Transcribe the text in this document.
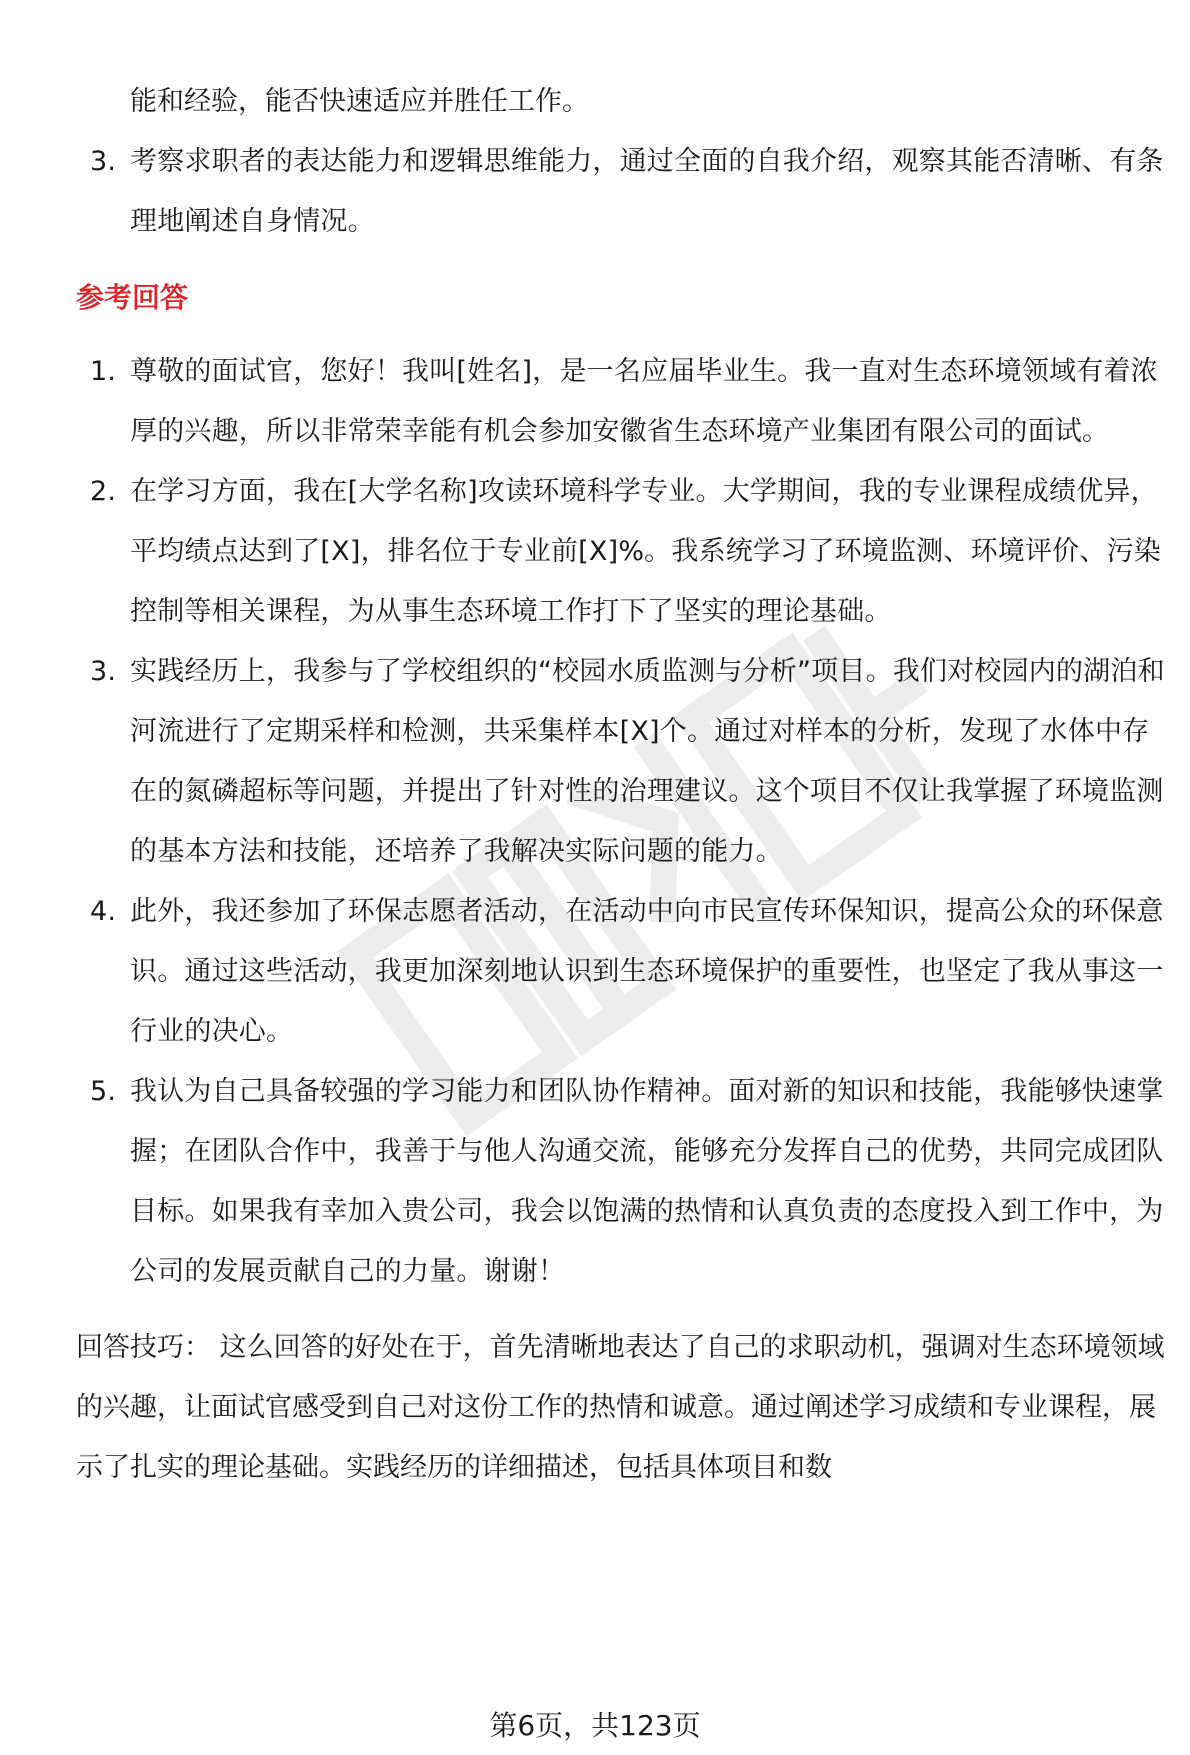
能和经验，能否快速适应并胜任工作。
3. 考察求职者的表达能力和逻辑思维能力，通过全面的自我介绍，观察其能否清晰、有条理地阐述自身情况。
参考回答
1. 尊敬的面试官，您好！我叫[姓名]，是一名应届毕业生。我一直对生态环境领域有着浓厚的兴趣，所以非常荣幸能有机会参加安徽省生态环境产业集团有限公司的面试。
2. 在学习方面，我在[大学名称]攻读环境科学专业。大学期间，我的专业课程成绩优异，平均绩点达到了[X]，排名位于专业前[X]%。我系统学习了环境监测、环境评价、污染控制等相关课程，为从事生态环境工作打下了坚实的理论基础。
3. 实践经历上，我参与了学校组织的“校园水质监测与分析”项目。我们对校园内的湖泊和河流进行了定期采样和检测，共采集样本[X]个。通过对样本的分析，发现了水体中存在的氮磷超标等问题，并提出了针对性的治理建议。这个项目不仅让我掌握了环境监测的基本方法和技能，还培养了我解决实际问题的能力。
4. 此外，我还参加了环保志愿者活动，在活动中向市民宣传环保知识，提高公众的环保意识。通过这些活动，我更加深刻地认识到生态环境保护的重要性，也坚定了我从事这一行业的决心。
5. 我认为自己具备较强的学习能力和团队协作精神。面对新的知识和技能，我能够快速掌握；在团队合作中，我善于与他人沟通交流，能够充分发挥自己的优势，共同完成团队目标。如果我有幸加入贵公司，我会以饱满的热情和认真负责的态度投入到工作中，为公司的发展贡献自己的力量。谢谢！
回答技巧： 这么回答的好处在于，首先清晰地表达了自己的求职动机，强调对生态环境领域的兴趣，让面试官感受到自己对这份工作的热情和诚意。通过阐述学习成绩和专业课程，展示了扎实的理论基础。实践经历的详细描述，包括具体项目和数
第6页，共123页
